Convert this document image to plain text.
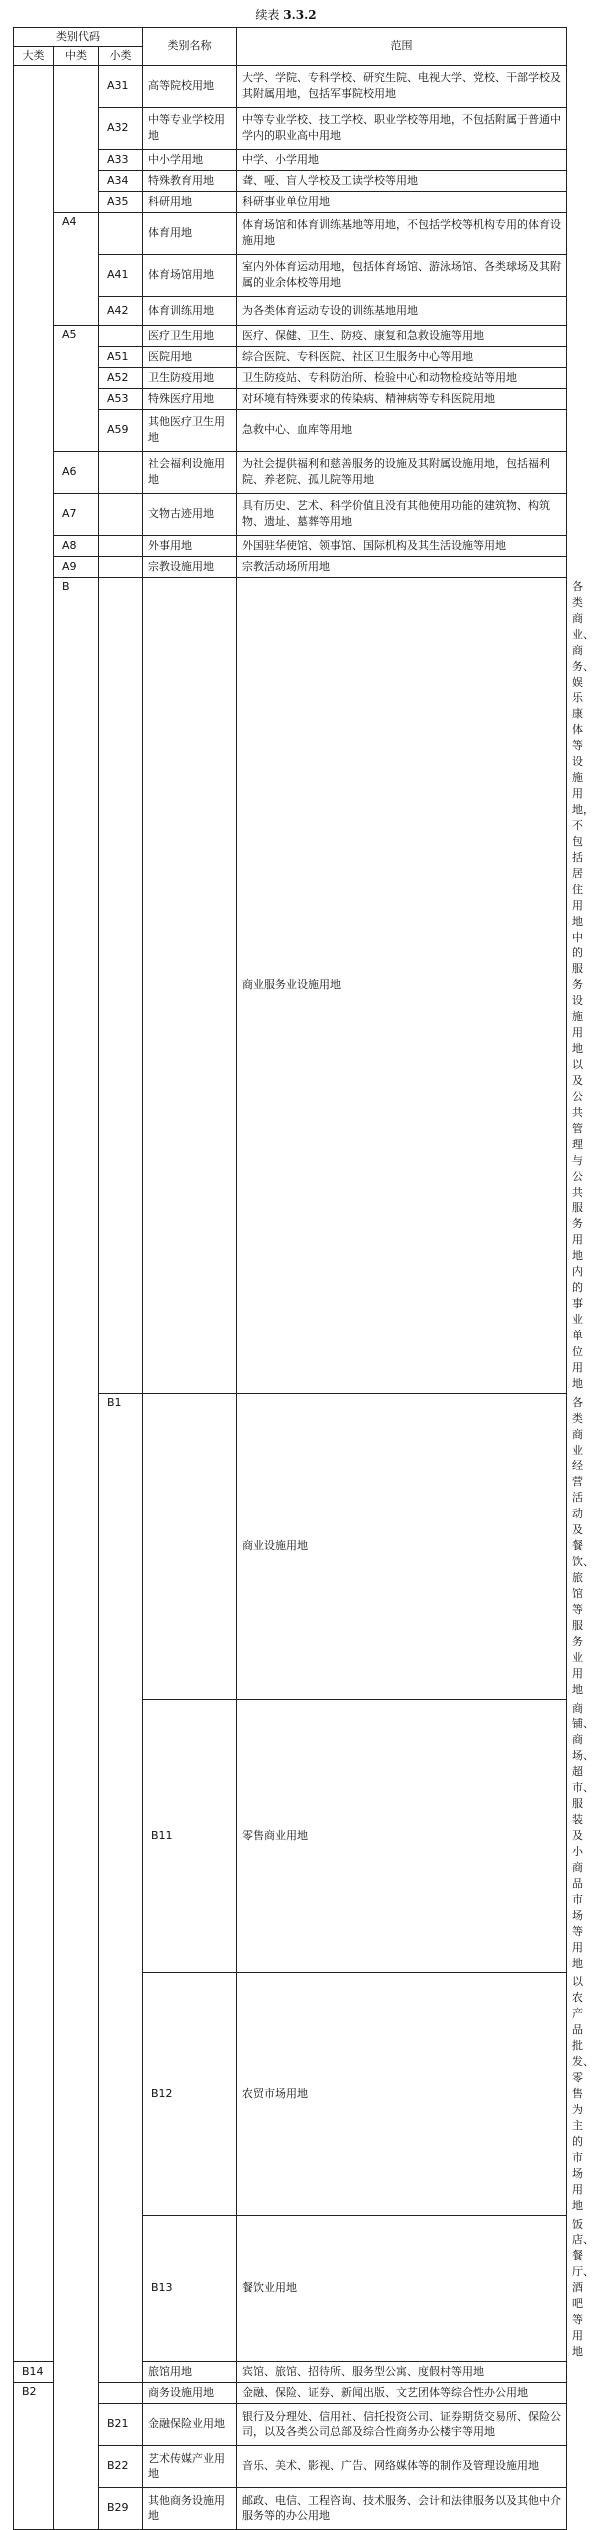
续表 3.3.2
类别代码			类别名称	范围	
大类	中类	小类			
		A31	高等院校用地	大学、学院、专科学校、研究生院、电视大学、党校、干部学校及其附属用地，包括军事院校用地	
		A32	中等专业学校用地	中等专业学校、技工学校、职业学校等用地，不包括附属于普通中学内的职业高中用地	
		A33	中小学用地	中学、小学用地	
		A34	特殊教育用地	聋、哑、盲人学校及工读学校等用地	
		A35	科研用地	科研事业单位用地	
	A4		体育用地	体育场馆和体育训练基地等用地，不包括学校等机构专用的体育设施用地	
		A41	体育场馆用地	室内外体育运动用地，包括体育场馆、游泳场馆、各类球场及其附属的业余体校等用地	
		A42	体育训练用地	为各类体育运动专设的训练基地用地	
	A5		医疗卫生用地	医疗、保健、卫生、防疫、康复和急救设施等用地	
		A51	医院用地	综合医院、专科医院、社区卫生服务中心等用地	
		A52	卫生防疫用地	卫生防疫站、专科防治所、检验中心和动物检疫站等用地	
		A53	特殊医疗用地	对环境有特殊要求的传染病、精神病等专科医院用地	
		A59	其他医疗卫生用地	急救中心、血库等用地	
	A6		社会福利设施用地	为社会提供福利和慈善服务的设施及其附属设施用地，包括福利院、养老院、孤儿院等用地	
	A7		文物古迹用地	具有历史、艺术、科学价值且没有其他使用功能的建筑物、构筑物、遗址、墓葬等用地	
	A8		外事用地	外国驻华使馆、领事馆、国际机构及其生活设施等用地	
	A9		宗教设施用地	宗教活动场所用地	
	B			商业服务业设施用地	各类商业、商务、娱乐康体等设施用地，不包括居住用地中的服务设施用地以及公共管理与公共服务用地内的事业单位用地
		B1		商业设施用地	各类商业经营活动及餐饮、旅馆等服务业用地
			B11	零售商业用地	商铺、商场、超市、服装及小商品市场等用地
			B12	农贸市场用地	以农产品批发、零售为主的市场用地
			B13	餐饮业用地	饭店、餐厅、酒吧等用地
B14			旅馆用地	宾馆、旅馆、招待所、服务型公寓、度假村等用地	
B2			商务设施用地	金融、保险、证券、新闻出版、文艺团体等综合性办公用地	
		B21	金融保险业用地	银行及分理处、信用社、信托投资公司、证券期货交易所、保险公司，以及各类公司总部及综合性商务办公楼宇等用地	
		B22	艺术传媒产业用地	音乐、美术、影视、广告、网络媒体等的制作及管理设施用地	
		B29	其他商务设施用地	邮政、电信、工程咨询、技术服务、会计和法律服务以及其他中介服务等的办公用地	
